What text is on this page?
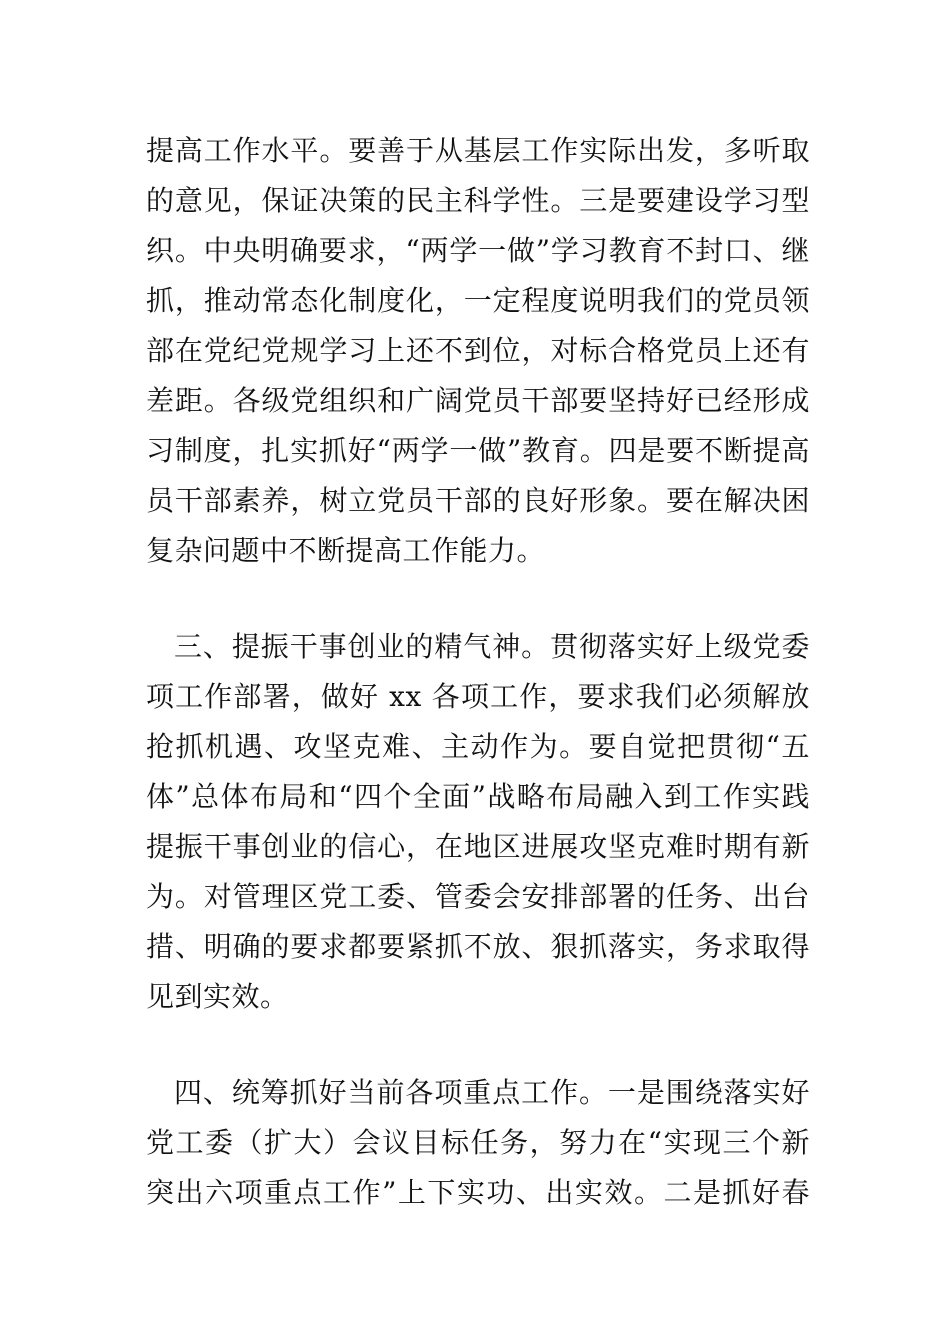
提高工作水平。要善于从基层工作实际出发，多听取
的意见，保证决策的民主科学性。三是要建设学习型
织。中央明确要求，“两学一做”学习教育不封口、继
抓，推动常态化制度化，一定程度说明我们的党员领
部在党纪党规学习上还不到位，对标合格党员上还有
差距。各级党组织和广阔党员干部要坚持好已经形成
习制度，扎实抓好“两学一做”教育。四是要不断提高
员干部素养，树立党员干部的良好形象。要在解决困
复杂问题中不断提高工作能力。
三、提振干事创业的精气神。贯彻落实好上级党委
项工作部署，做好 xx 各项工作，要求我们必须解放
抢抓机遇、攻坚克难、主动作为。要自觉把贯彻“五
体”总体布局和“四个全面”战略布局融入到工作实践
提振干事创业的信心，在地区进展攻坚克难时期有新
为。对管理区党工委、管委会安排部署的任务、出台
措、明确的要求都要紧抓不放、狠抓落实，务求取得
见到实效。
四、统筹抓好当前各项重点工作。一是围绕落实好
党工委（扩大）会议目标任务，努力在“实现三个新
突出六项重点工作”上下实功、出实效。二是抓好春
